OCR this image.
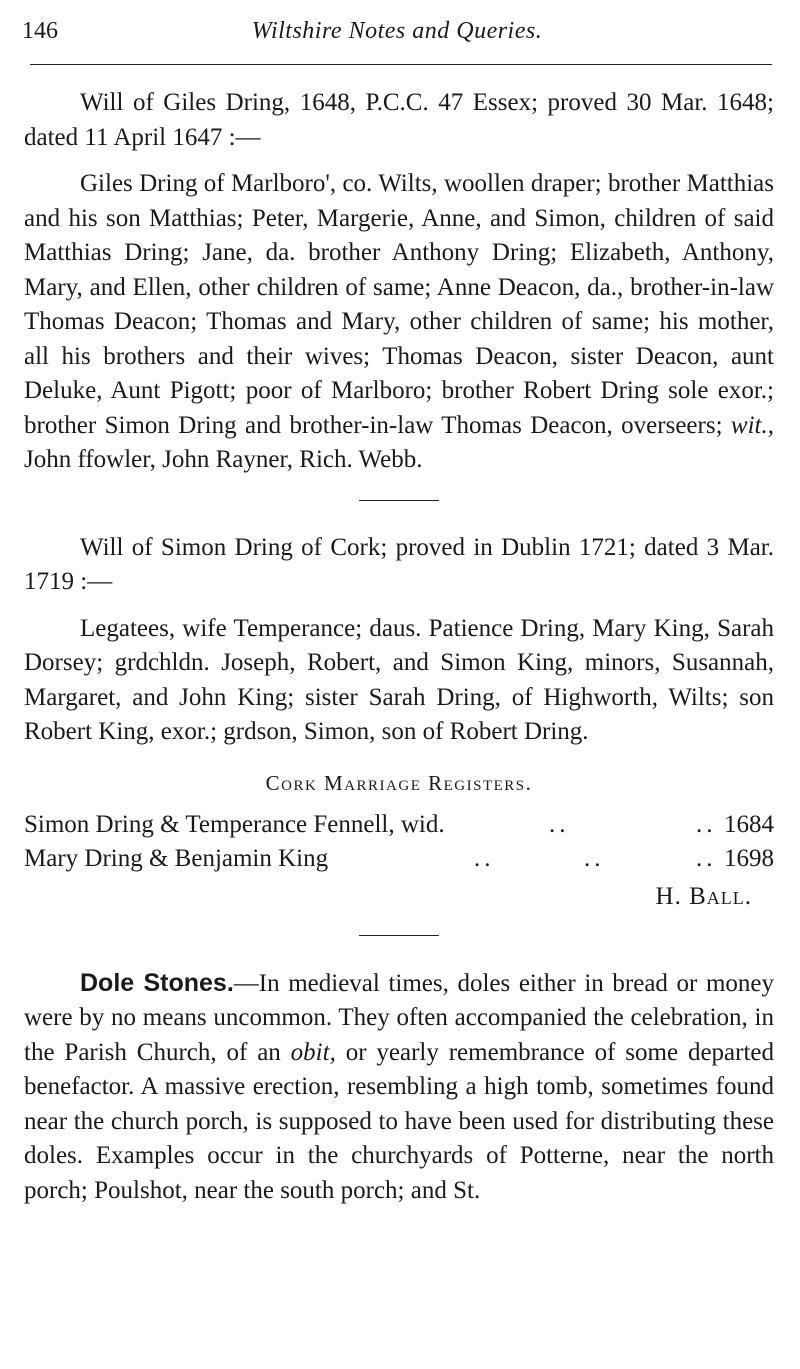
146	Wiltshire Notes and Queries.

Will of Giles Dring, 1648, P.C.C. 47 Essex; proved 30 Mar. 1648; dated 11 April 1647 :—

Giles Dring of Marlboro', co. Wilts, woollen draper; brother Matthias and his son Matthias; Peter, Margerie, Anne, and Simon, children of said Matthias Dring; Jane, da. brother Anthony Dring; Elizabeth, Anthony, Mary, and Ellen, other children of same; Anne Deacon, da., brother-in-law Thomas Deacon; Thomas and Mary, other children of same; his mother, all his brothers and their wives; Thomas Deacon, sister Deacon, aunt Deluke, Aunt Pigott; poor of Marlboro; brother Robert Dring sole exor.; brother Simon Dring and brother-in-law Thomas Deacon, overseers; wit., John ffowler, John Rayner, Rich. Webb.

Will of Simon Dring of Cork; proved in Dublin 1721; dated 3 Mar. 1719 :—

Legatees, wife Temperance; daus. Patience Dring, Mary King, Sarah Dorsey; grdchldn. Joseph, Robert, and Simon King, minors, Susannah, Margaret, and John King; sister Sarah Dring, of Highworth, Wilts; son Robert King, exor.; grdson, Simon, son of Robert Dring.

Cork Marriage Registers.
Simon Dring & Temperance Fennell, wid.	..	.. 1684
Mary Dring & Benjamin King	..	..	.. 1698
H. Ball.

Dole Stones.—In medieval times, doles either in bread or money were by no means uncommon. They often accompanied the celebration, in the Parish Church, of an obit, or yearly remembrance of some departed benefactor. A massive erection, resembling a high tomb, sometimes found near the church porch, is supposed to have been used for distributing these doles. Examples occur in the churchyards of Potterne, near the north porch; Poulshot, near the south porch; and St.
